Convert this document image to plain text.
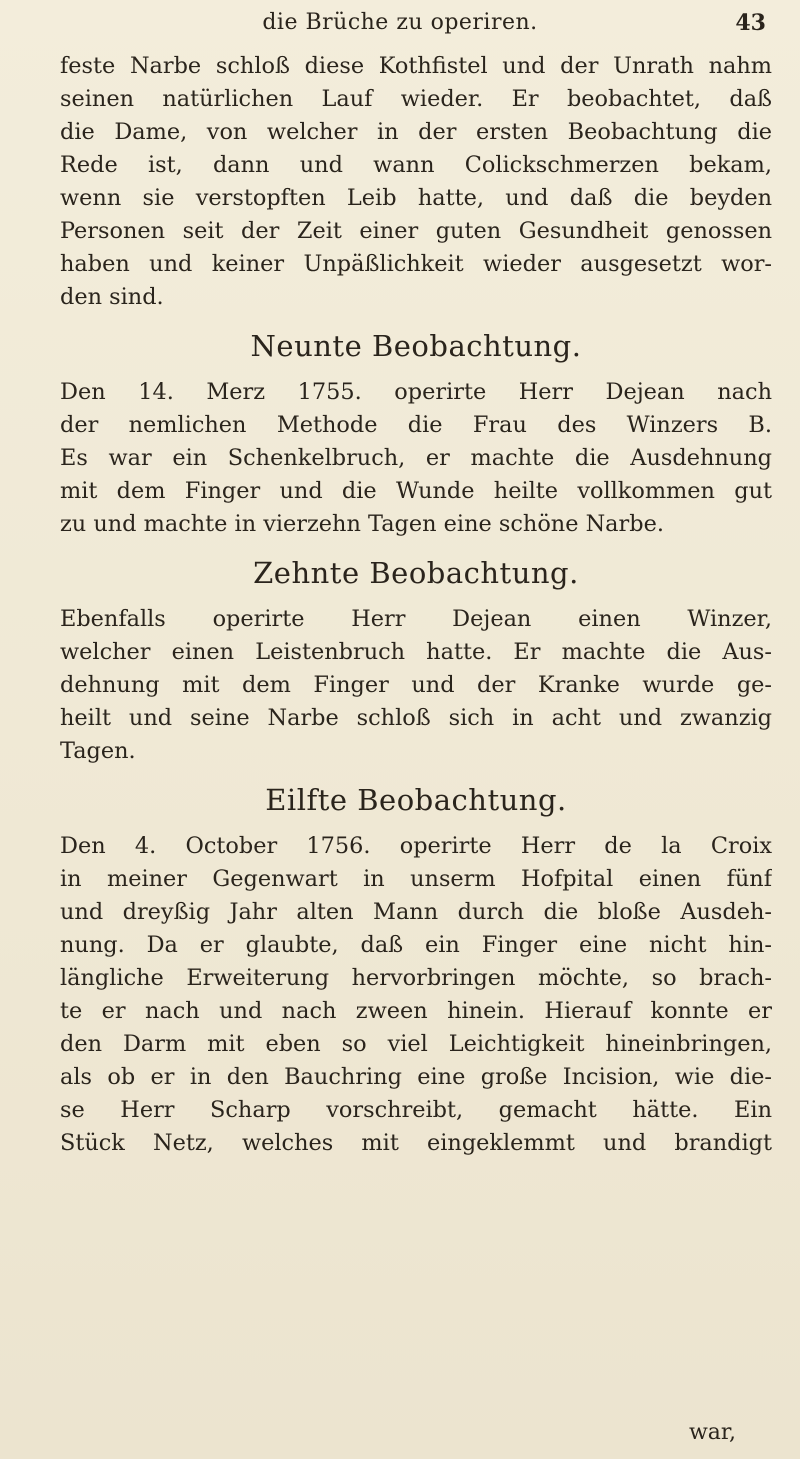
die Brüche zu operiren.	43
feste Narbe schloß diese Kothfistel und der Unrath nahm
seinen natürlichen Lauf wieder. Er beobachtet, daß
die Dame, von welcher in der ersten Beobachtung die
Rede ist, dann und wann Colickschmerzen bekam,
wenn sie verstopften Leib hatte, und daß die beyden
Personen seit der Zeit einer guten Gesundheit genossen
haben und keiner Unpäßlichkeit wieder ausgesetzt wor-
den sind.
Neunte Beobachtung.
Den 14. Merz 1755. operirte Herr Dejean nach
der nemlichen Methode die Frau des Winzers B.
Es war ein Schenkelbruch, er machte die Ausdehnung
mit dem Finger und die Wunde heilte vollkommen gut
zu und machte in vierzehn Tagen eine schöne Narbe.
Zehnte Beobachtung.
Ebenfalls operirte Herr Dejean einen Winzer,
welcher einen Leistenbruch hatte. Er machte die Aus-
dehnung mit dem Finger und der Kranke wurde ge-
heilt und seine Narbe schloß sich in acht und zwanzig
Tagen.
Eilfte Beobachtung.
Den 4. October 1756. operirte Herr de la Croix
in meiner Gegenwart in unserm Hofpital einen fünf
und dreyßig Jahr alten Mann durch die bloße Ausdeh-
nung. Da er glaubte, daß ein Finger eine nicht hin-
längliche Erweiterung hervorbringen möchte, so brach-
te er nach und nach zween hinein. Hierauf konnte er
den Darm mit eben so viel Leichtigkeit hineinbringen,
als ob er in den Bauchring eine große Incision, wie die-
se Herr Scharp vorschreibt, gemacht hätte. Ein
Stück Netz, welches mit eingeklemmt und brandigt
war,
